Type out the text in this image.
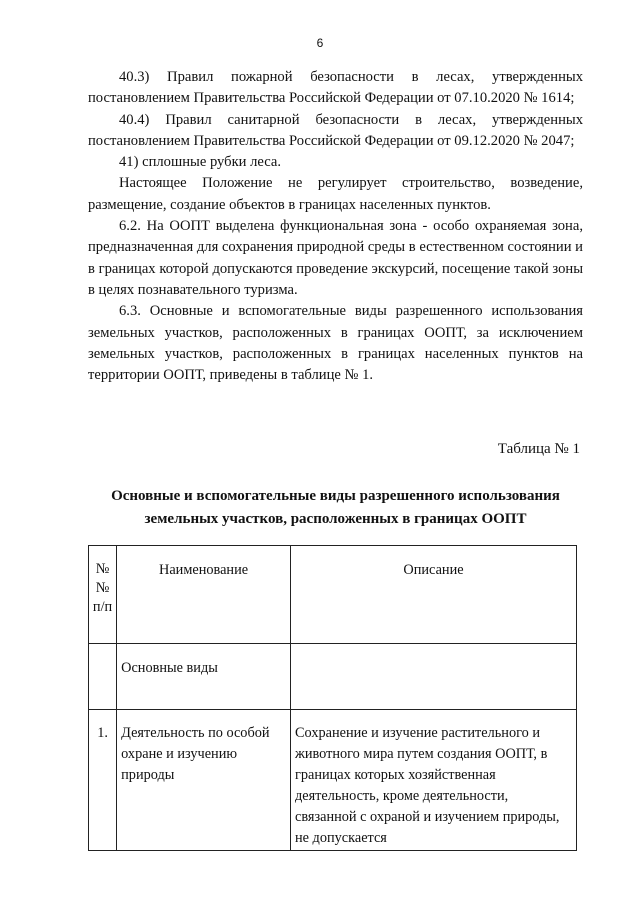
6

40.3) Правил пожарной безопасности в лесах, утвержденных постановлением Правительства Российской Федерации от 07.10.2020 № 1614;

40.4) Правил санитарной безопасности в лесах, утвержденных постановлением Правительства Российской Федерации от 09.12.2020 № 2047;

41) сплошные рубки леса.

Настоящее Положение не регулирует строительство, возведение, размещение, создание объектов в границах населенных пунктов.

6.2. На ООПТ выделена функциональная зона - особо охраняемая зона, предназначенная для сохранения природной среды в естественном состоянии и в границах которой допускаются проведение экскурсий, посещение такой зоны в целях познавательного туризма.

6.3. Основные и вспомогательные виды разрешенного использования земельных участков, расположенных в границах ООПТ, за исключением земельных участков, расположенных в границах населенных пунктов на территории ООПТ, приведены в таблице № 1.

Таблица № 1
Основные и вспомогательные виды разрешенного использования земельных участков, расположенных в границах ООПТ
№
№
п/п	Наименование	Описание
	Основные виды	
1.	Деятельность по особой охране и изучению природы	Сохранение и изучение растительного и животного мира путем создания ООПТ, в границах которых хозяйственная деятельность, кроме деятельности, связанной с охраной и изучением природы, не допускается
